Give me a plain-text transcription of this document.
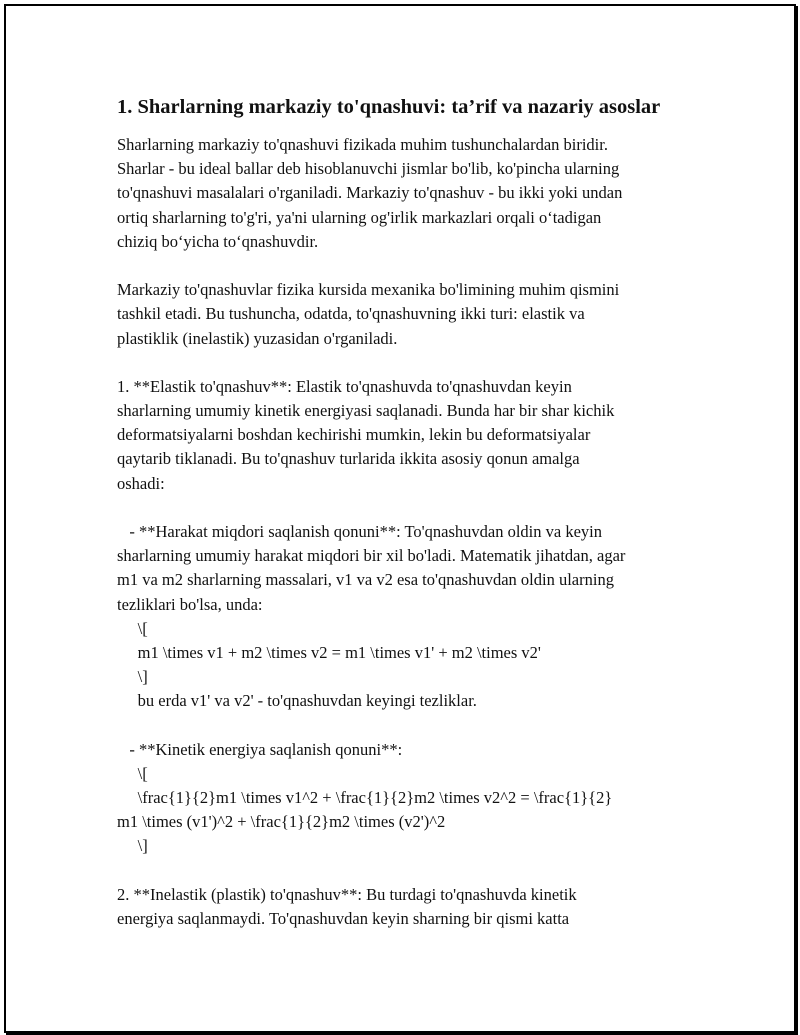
1. Sharlarning markaziy to'qnashuvi: ta’rif va nazariy asoslar
Sharlarning markaziy to'qnashuvi fizikada muhim tushunchalardan biridir.
Sharlar - bu ideal ballar deb hisoblanuvchi jismlar bo'lib, ko'pincha ularning
to'qnashuvi masalalari o'rganiladi. Markaziy to'qnashuv - bu ikki yoki undan
ortiq sharlarning to'g'ri, ya'ni ularning og'irlik markazlari orqali o‘tadigan
chiziq bo‘yicha to‘qnashuvdir.
Markaziy to'qnashuvlar fizika kursida mexanika bo'limining muhim qismini
tashkil etadi. Bu tushuncha, odatda, to'qnashuvning ikki turi: elastik va
plastiklik (inelastik) yuzasidan o'rganiladi.
1. **Elastik to'qnashuv**: Elastik to'qnashuvda to'qnashuvdan keyin
sharlarning umumiy kinetik energiyasi saqlanadi. Bunda har bir shar kichik
deformatsiyalarni boshdan kechirishi mumkin, lekin bu deformatsiyalar
qaytarib tiklanadi. Bu to'qnashuv turlarida ikkita asosiy qonun amalga
oshadi:
- **Harakat miqdori saqlanish qonuni**: To'qnashuvdan oldin va keyin
sharlarning umumiy harakat miqdori bir xil bo'ladi. Matematik jihatdan, agar
m1 va m2 sharlarning massalari, v1 va v2 esa to'qnashuvdan oldin ularning
tezliklari bo'lsa, unda:
\[
m1 \times v1 + m2 \times v2 = m1 \times v1' + m2 \times v2'
\]
bu erda v1' va v2' - to'qnashuvdan keyingi tezliklar.
- **Kinetik energiya saqlanish qonuni**:
\[
\frac{1}{2}m1 \times v1^2 + \frac{1}{2}m2 \times v2^2 = \frac{1}{2}
m1 \times (v1')^2 + \frac{1}{2}m2 \times (v2')^2
\]
2. **Inelastik (plastik) to'qnashuv**: Bu turdagi to'qnashuvda kinetik
energiya saqlanmaydi. To'qnashuvdan keyin sharning bir qismi katta
